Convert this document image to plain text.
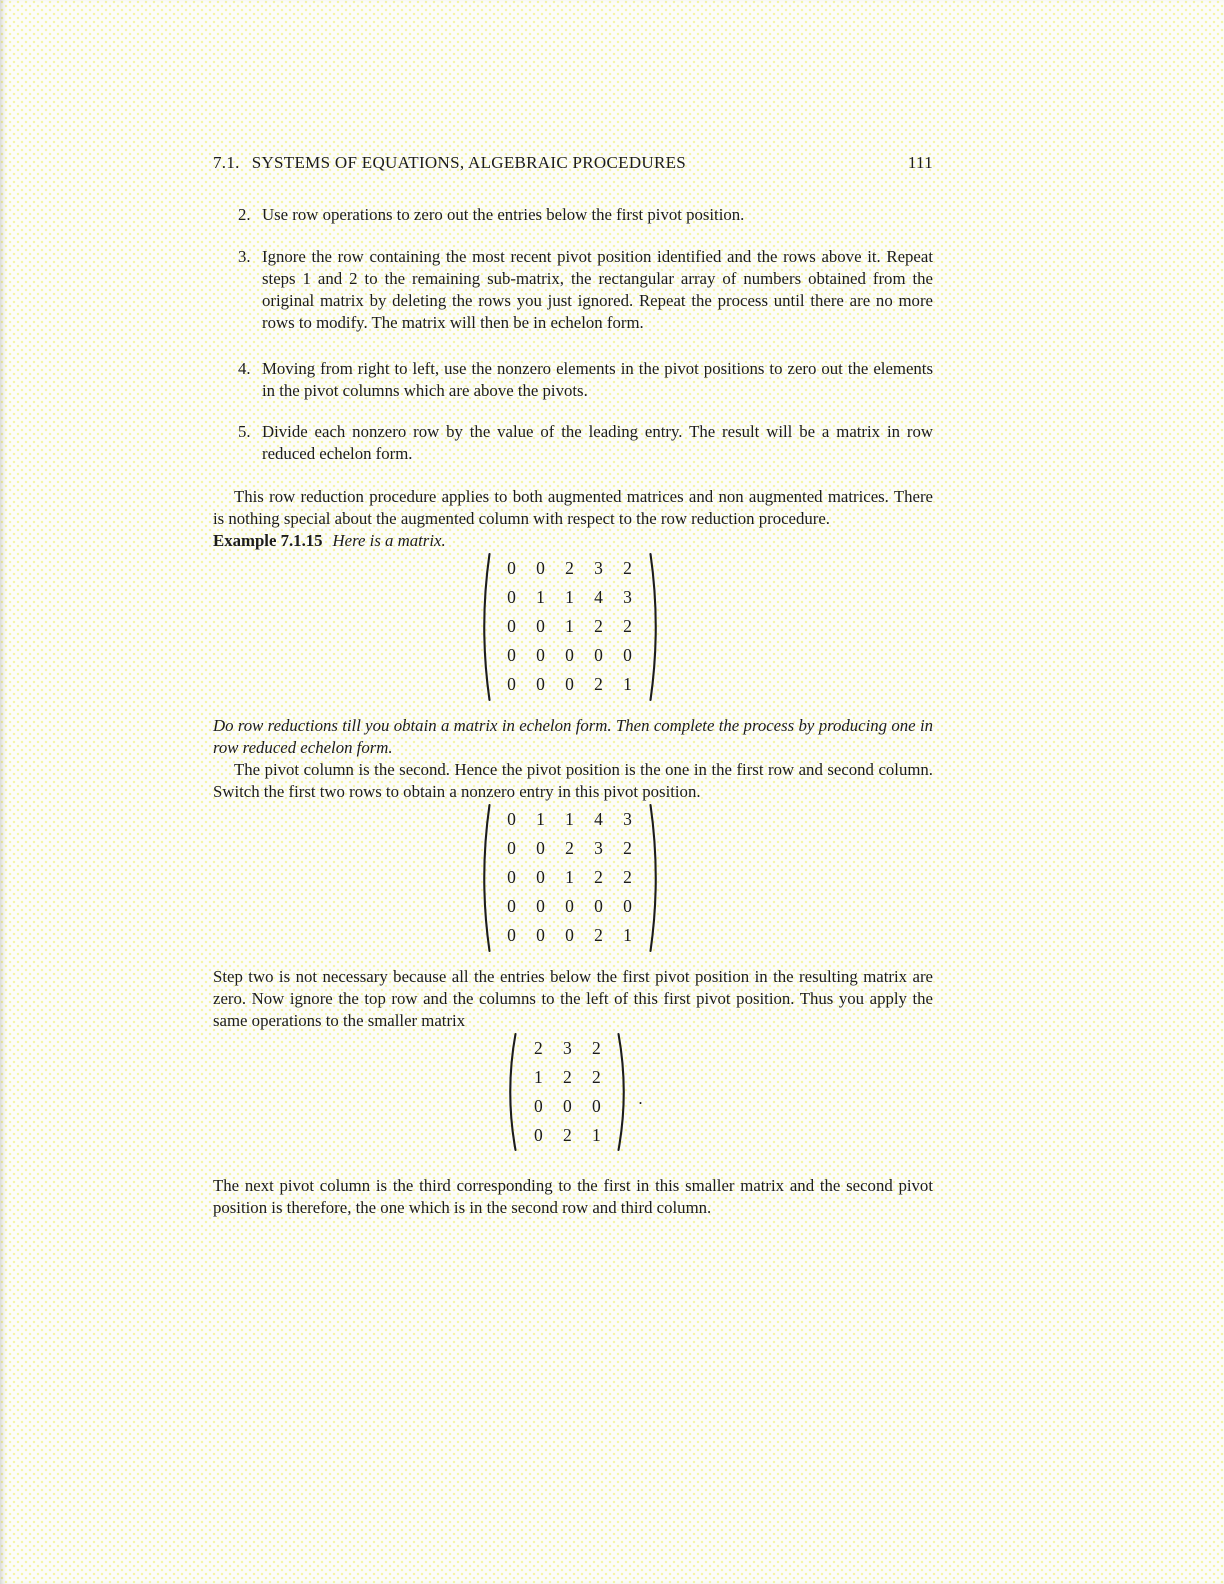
7.1. SYSTEMS OF EQUATIONS, ALGEBRAIC PROCEDURES	111
2. Use row operations to zero out the entries below the first pivot position.
3. Ignore the row containing the most recent pivot position identified and the rows above it. Repeat steps 1 and 2 to the remaining sub-matrix, the rectangular array of numbers obtained from the original matrix by deleting the rows you just ignored. Repeat the process until there are no more rows to modify. The matrix will then be in echelon form.
4. Moving from right to left, use the nonzero elements in the pivot positions to zero out the elements in the pivot columns which are above the pivots.
5. Divide each nonzero row by the value of the leading entry. The result will be a matrix in row reduced echelon form.

This row reduction procedure applies to both augmented matrices and non augmented matrices. There is nothing special about the augmented column with respect to the row reduction procedure.

Example 7.1.15 Here is a matrix.

0 0 2 3 2
0 1 1 4 3
0 0 1 2 2
0 0 0 0 0
0 0 0 2 1

Do row reductions till you obtain a matrix in echelon form. Then complete the process by producing one in row reduced echelon form.

The pivot column is the second. Hence the pivot position is the one in the first row and second column. Switch the first two rows to obtain a nonzero entry in this pivot position.

0 1 1 4 3
0 0 2 3 2
0 0 1 2 2
0 0 0 0 0
0 0 0 2 1

Step two is not necessary because all the entries below the first pivot position in the resulting matrix are zero. Now ignore the top row and the columns to the left of this first pivot position. Thus you apply the same operations to the smaller matrix

2 3 2
1 2 2
0 0 0
0 2 1
.

The next pivot column is the third corresponding to the first in this smaller matrix and the second pivot position is therefore, the one which is in the second row and third column.
